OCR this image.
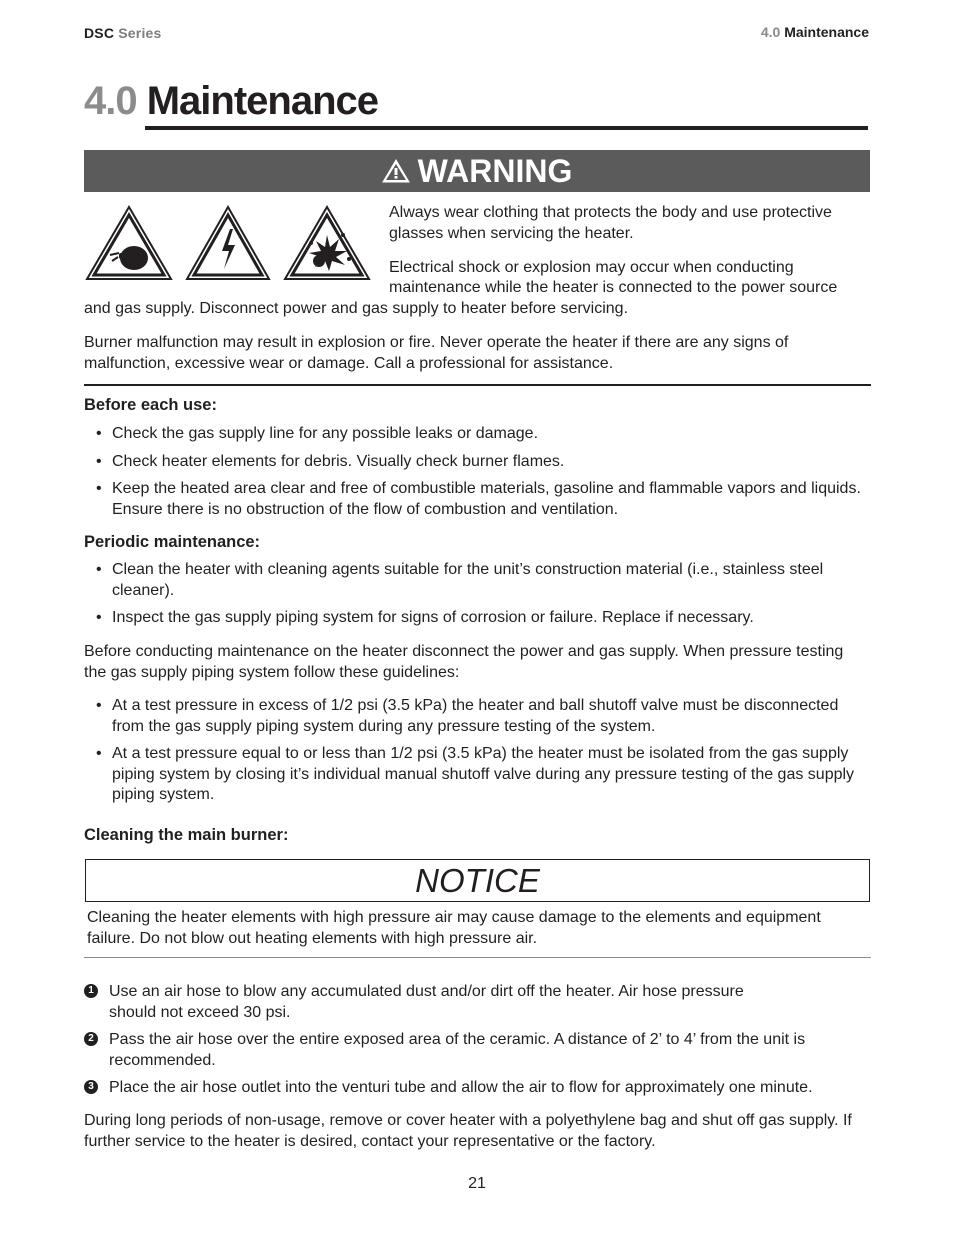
DSC Series	4.0 Maintenance
4.0 Maintenance
WARNING
Always wear clothing that protects the body and use protective glasses when servicing the heater.
Electrical shock or explosion may occur when conducting
maintenance while the heater is connected to the power source
and gas supply. Disconnect power and gas supply to heater before servicing.
Burner malfunction may result in explosion or fire. Never operate the heater if there are any signs of malfunction, excessive wear or damage. Call a professional for assistance.
Before each use:
• Check the gas supply line for any possible leaks or damage.
• Check heater elements for debris. Visually check burner flames.
• Keep the heated area clear and free of combustible materials, gasoline and flammable vapors and liquids. Ensure there is no obstruction of the flow of combustion and ventilation.
Periodic maintenance:
• Clean the heater with cleaning agents suitable for the unit’s construction material (i.e., stainless steel cleaner).
• Inspect the gas supply piping system for signs of corrosion or failure. Replace if necessary.
Before conducting maintenance on the heater disconnect the power and gas supply. When pressure testing the gas supply piping system follow these guidelines:
• At a test pressure in excess of 1/2 psi (3.5 kPa) the heater and ball shutoff valve must be disconnected from the gas supply piping system during any pressure testing of the system.
• At a test pressure equal to or less than 1/2 psi (3.5 kPa) the heater must be isolated from the gas supply piping system by closing it’s individual manual shutoff valve during any pressure testing of the gas supply piping system.
Cleaning the main burner:
NOTICE
Cleaning the heater elements with high pressure air may cause damage to the elements and equipment failure. Do not blow out heating elements with high pressure air.
1 Use an air hose to blow any accumulated dust and/or dirt off the heater. Air hose pressure should not exceed 30 psi.
2 Pass the air hose over the entire exposed area of the ceramic. A distance of 2’ to 4’ from the unit is recommended.
3 Place the air hose outlet into the venturi tube and allow the air to flow for approximately one minute.
During long periods of non-usage, remove or cover heater with a polyethylene bag and shut off gas supply. If further service to the heater is desired, contact your representative or the factory.
21
